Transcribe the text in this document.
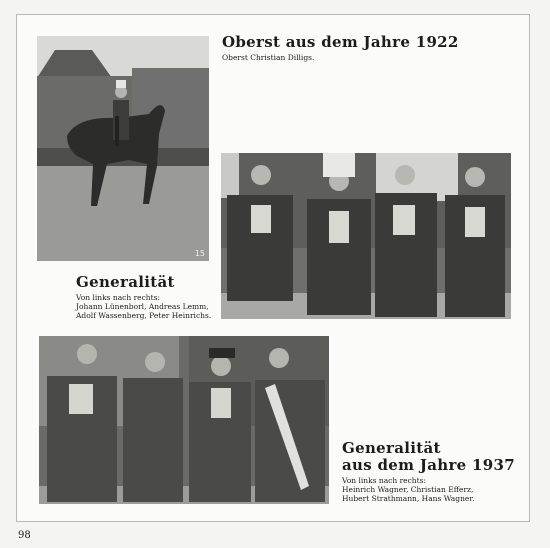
15
Oberst aus dem Jahre 1922

Oberst Christian Dilligs.

Generalität

Von links nach rechts:
Johann Lünenborl, Andreas Lemm,
Adolf Wassenberg, Peter Heinrichs.

Generalität
aus dem Jahre 1937

Von links nach rechts:
Heinrich Wagner, Christian Efferz,
Hubert Strathmann, Hans Wagner.

98
